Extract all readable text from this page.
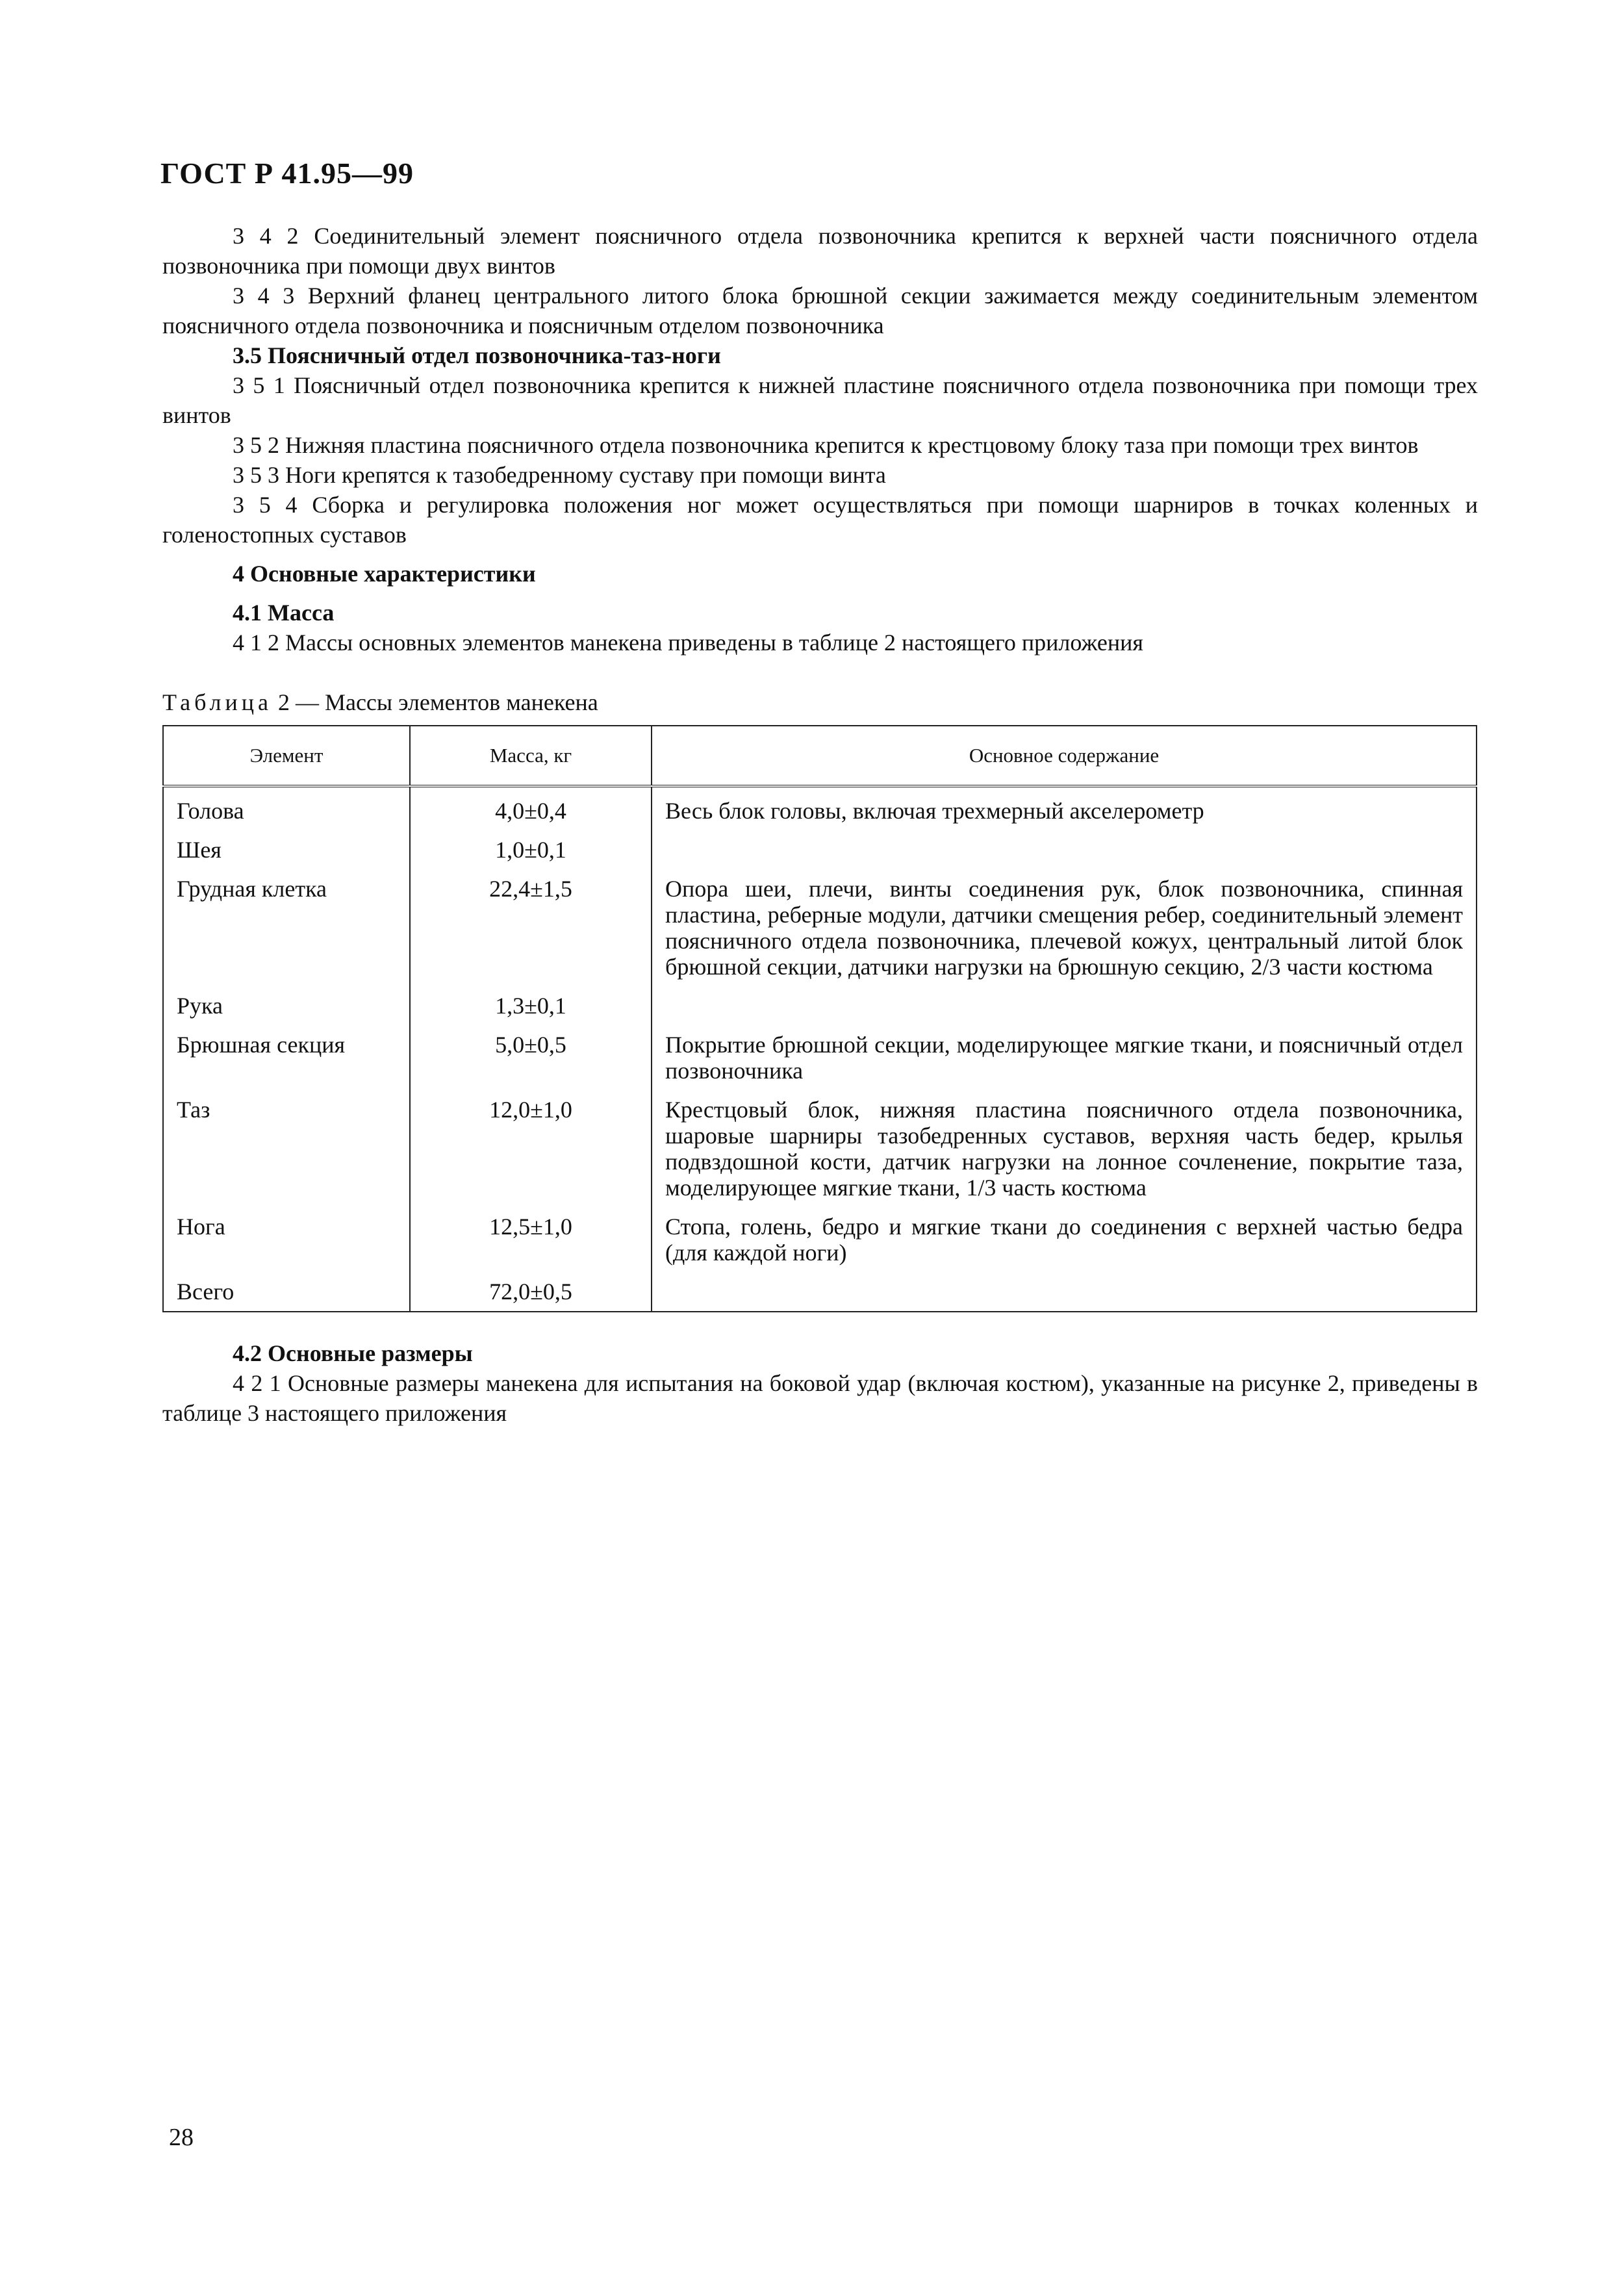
ГОСТ Р 41.95—99

3 4 2 Соединительный элемент поясничного отдела позвоночника крепится к верхней части поясничного отдела позвоночника при помощи двух винтов

3 4 3 Верхний фланец центрального литого блока брюшной секции зажимается между соединительным элементом поясничного отдела позвоночника и поясничным отделом позвоночника

3.5 Поясничный отдел позвоночника-таз-ноги

3 5 1 Поясничный отдел позвоночника крепится к нижней пластине поясничного отдела позвоночника при помощи трех винтов

3 5 2 Нижняя пластина поясничного отдела позвоночника крепится к крестцовому блоку таза при помощи трех винтов

3 5 3 Ноги крепятся к тазобедренному суставу при помощи винта

3 5 4 Сборка и регулировка положения ног может осуществляться при помощи шарниров в точках коленных и голеностопных суставов

4 Основные характеристики

4.1 Масса

4 1 2 Массы основных элементов манекена приведены в таблице 2 настоящего приложения

Таблица 2 — Массы элементов манекена

Элемент	Масса, кг	Основное содержание
Голова	4,0±0,4	Весь блок головы, включая трехмерный акселерометр
Шея	1,0±0,1	
Грудная клетка	22,4±1,5	Опора шеи, плечи, винты соединения рук, блок позвоночника, спинная пластина, реберные модули, датчики смещения ребер, соединительный элемент поясничного отдела позвоночника, плечевой кожух, центральный литой блок брюшной секции, датчики нагрузки на брюшную секцию, 2/3 части костюма
Рука	1,3±0,1	
Брюшная секция	5,0±0,5	Покрытие брюшной секции, моделирующее мягкие ткани, и поясничный отдел позвоночника
Таз	12,0±1,0	Крестцовый блок, нижняя пластина поясничного отдела позвоночника, шаровые шарниры тазобедренных суставов, верхняя часть бедер, крылья подвздошной кости, датчик нагрузки на лонное сочленение, покрытие таза, моделирующее мягкие ткани, 1/3 часть костюма
Нога	12,5±1,0	Стопа, голень, бедро и мягкие ткани до соединения с верхней частью бедра (для каждой ноги)
Всего	72,0±0,5	

4.2 Основные размеры

4 2 1 Основные размеры манекена для испытания на боковой удар (включая костюм), указанные на рисунке 2, приведены в таблице 3 настоящего приложения

28
